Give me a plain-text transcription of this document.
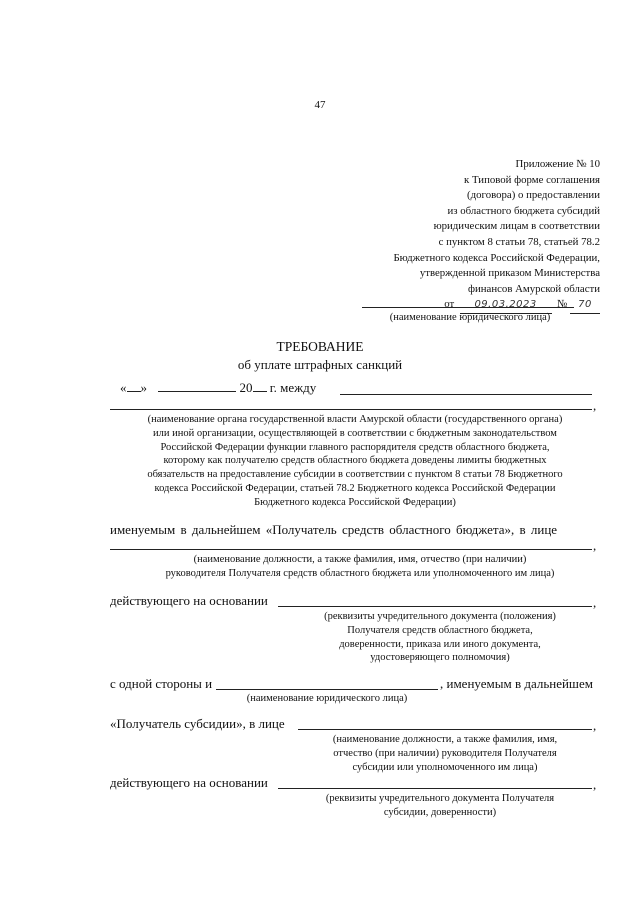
47
Приложение № 10
к Типовой форме соглашения
(договора) о предоставлении
из областного бюджета субсидий
юридическим лицам в соответствии
с пунктом 8 статьи 78, статьей 78.2
Бюджетного кодекса Российской Федерации,
утвержденной приказом Министерства
финансов Амурской области
от 09.03.2023 № 70
(наименование юридического лица)
ТРЕБОВАНИЕ
об уплате штрафных санкций
« »	20 г. между
,
(наименование органа государственной власти Амурской области (государственного органа)
или иной организации, осуществляющей в соответствии с бюджетным законодательством
Российской Федерации функции главного распорядителя средств областного бюджета,
которому как получателю средств областного бюджета доведены лимиты бюджетных
обязательств на предоставление субсидии в соответствии с пунктом 8 статьи 78 Бюджетного
кодекса Российской Федерации, статьей 78.2 Бюджетного кодекса Российской Федерации
Бюджетного кодекса Российской Федерации)
именуемым в дальнейшем «Получатель средств областного бюджета», в лице
,
(наименование должности, а также фамилия, имя, отчество (при наличии)
руководителя Получателя средств областного бюджета или уполномоченного им лица)
действующего на основании	,
(реквизиты учредительного документа (положения)
Получателя средств областного бюджета,
доверенности, приказа или иного документа,
удостоверяющего полномочия)
с одной стороны и	, именуемым в дальнейшем
(наименование юридического лица)
«Получатель субсидии», в лице	,
(наименование должности, а также фамилия, имя,
отчество (при наличии) руководителя Получателя
субсидии или уполномоченного им лица)
действующего на основании	,
(реквизиты учредительного документа Получателя
субсидии, доверенности)
